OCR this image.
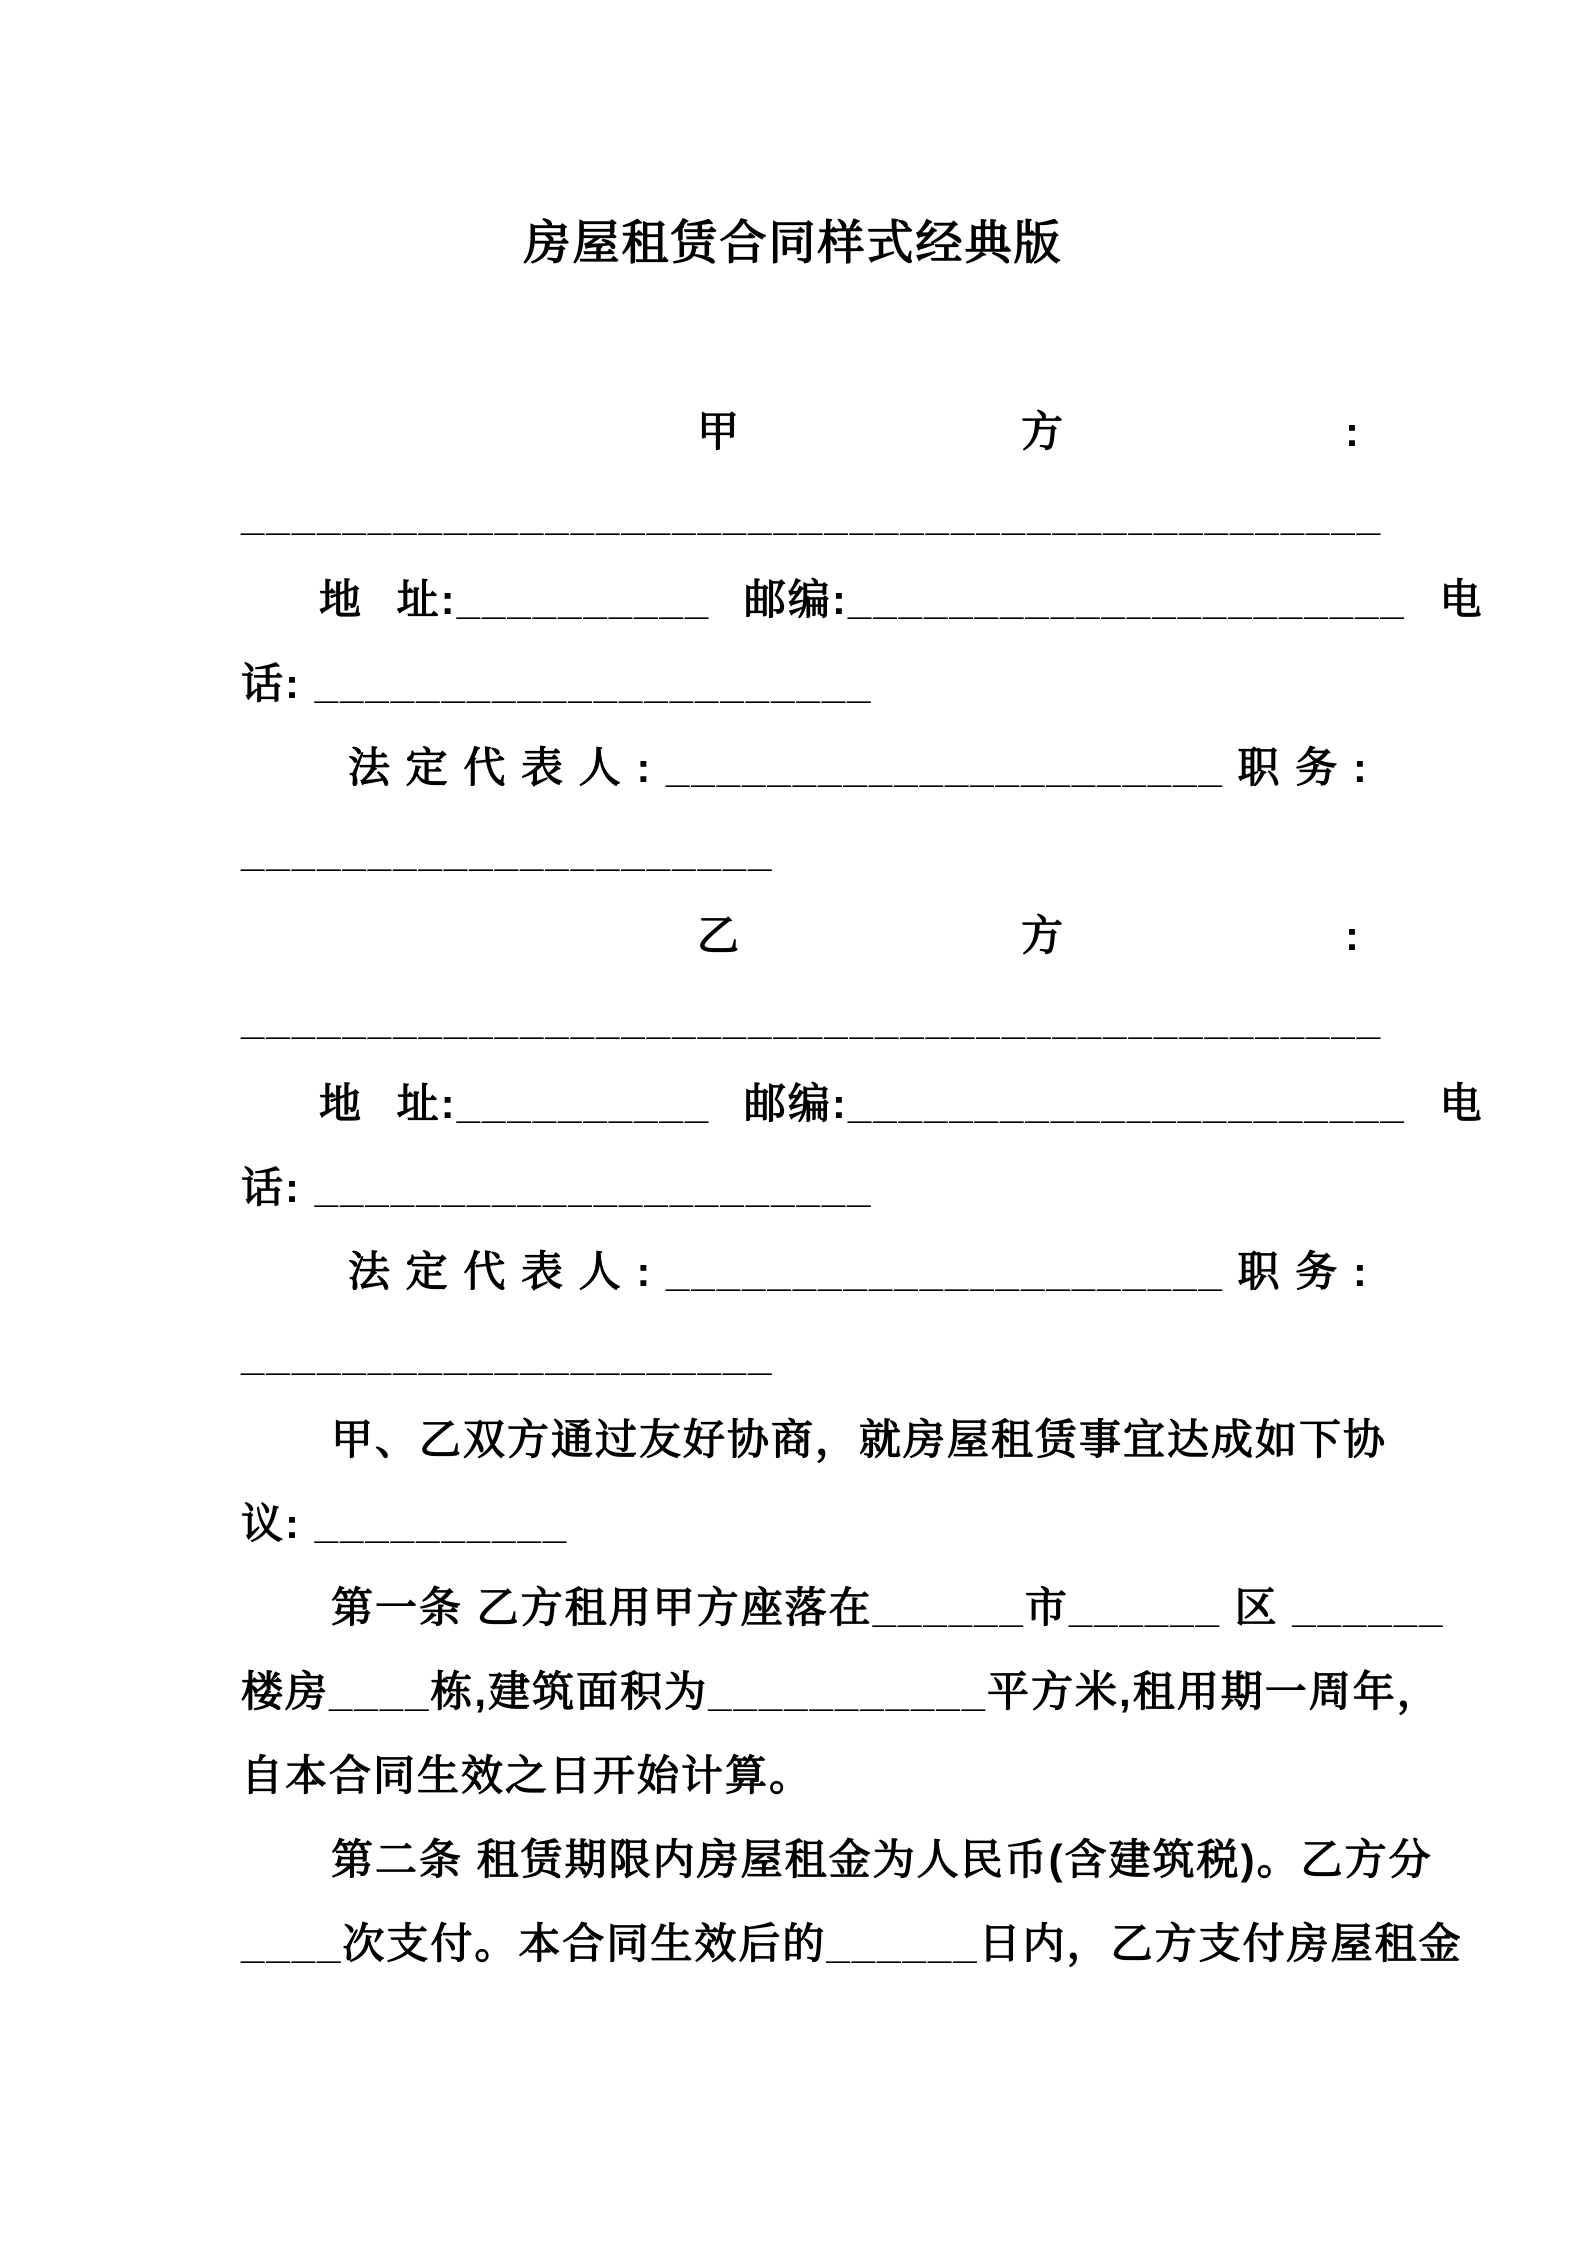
房屋租赁合同样式经典版
甲 方 :
_____________________________________________
地 址:__________ 邮编:______________________ 电
话: ______________________
法 定 代 表 人 : ______________________ 职 务 :
_____________________
乙 方 :
_____________________________________________
地 址:__________ 邮编:______________________ 电
话: ______________________
法 定 代 表 人 : ______________________ 职 务 :
_____________________
甲、乙双方通过友好协商，就房屋租赁事宜达成如下协
议: __________
第一条 乙方租用甲方座落在______市______ 区 ______
楼房____栋,建筑面积为___________平方米,租用期一周年，
自本合同生效之日开始计算。
第二条 租赁期限内房屋租金为人民币(含建筑税)。乙方分
____次支付。本合同生效后的______日内，乙方支付房屋租金
